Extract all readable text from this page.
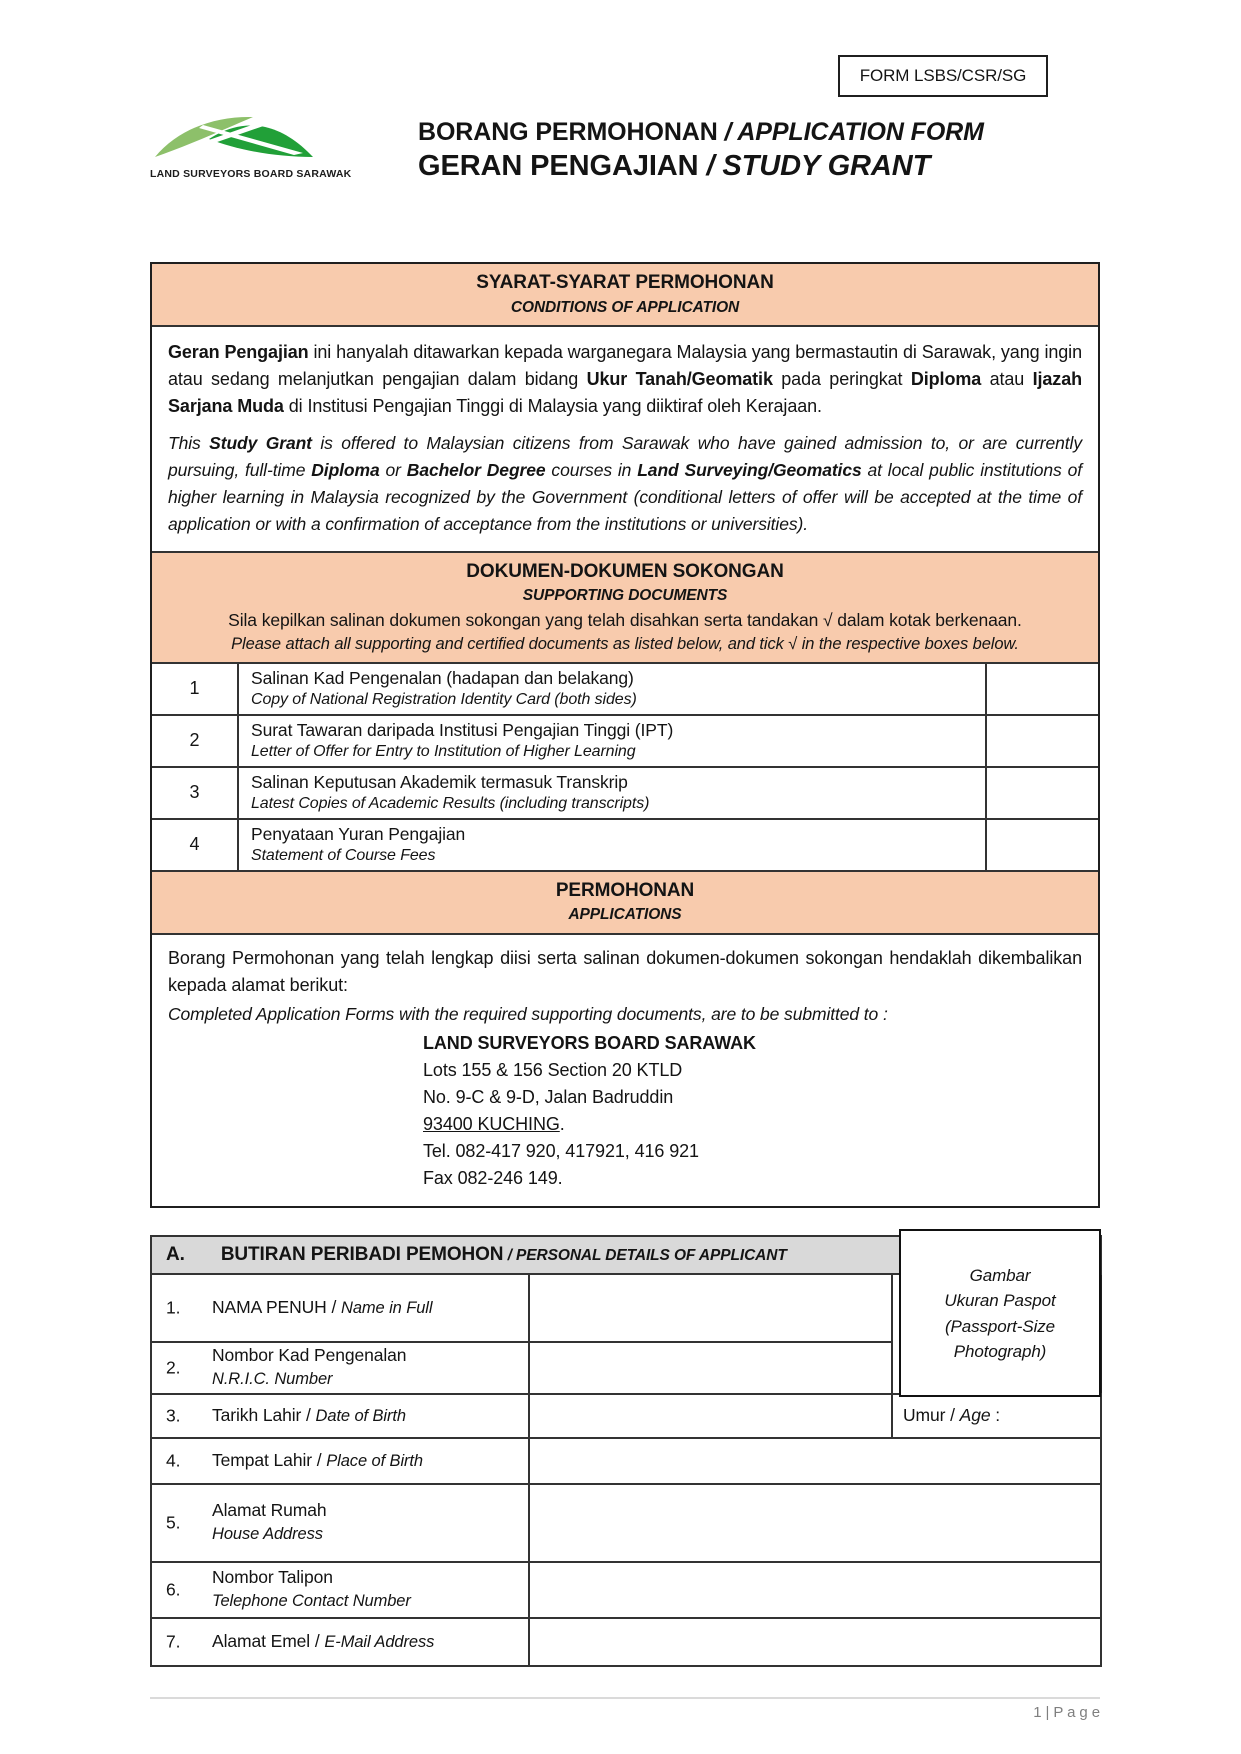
FORM LSBS/CSR/SG
LAND SURVEYORS BOARD SARAWAK
BORANG PERMOHONAN / APPLICATION FORM
GERAN PENGAJIAN / STUDY GRANT
SYARAT-SYARAT PERMOHONAN
CONDITIONS OF APPLICATION

Geran Pengajian ini hanyalah ditawarkan kepada warganegara Malaysia yang bermastautin di Sarawak, yang ingin atau sedang melanjutkan pengajian dalam bidang Ukur Tanah/Geomatik pada peringkat Diploma atau Ijazah Sarjana Muda di Institusi Pengajian Tinggi di Malaysia yang diiktiraf oleh Kerajaan.

This Study Grant is offered to Malaysian citizens from Sarawak who have gained admission to, or are currently pursuing, full-time Diploma or Bachelor Degree courses in Land Surveying/Geomatics at local public institutions of higher learning in Malaysia recognized by the Government (conditional letters of offer will be accepted at the time of application or with a confirmation of acceptance from the institutions or universities).

DOKUMEN-DOKUMEN SOKONGAN
SUPPORTING DOCUMENTS
Sila kepilkan salinan dokumen sokongan yang telah disahkan serta tandakan √ dalam kotak berkenaan.
Please attach all supporting and certified documents as listed below, and tick √ in the respective boxes below.
1	Salinan Kad Pengenalan (hadapan dan belakang)
Copy of National Registration Identity Card (both sides)	

2	Surat Tawaran daripada Institusi Pengajian Tinggi (IPT)
Letter of Offer for Entry to Institution of Higher Learning	

3	Salinan Keputusan Akademik termasuk Transkrip
Latest Copies of Academic Results (including transcripts)	

4	Penyataan Yuran Pengajian
Statement of Course Fees	

PERMOHONAN
APPLICATIONS

Borang Permohonan yang telah lengkap diisi serta salinan dokumen-dokumen sokongan hendaklah dikembalikan kepada alamat berikut:

Completed Application Forms with the required supporting documents, are to be submitted to :

LAND SURVEYORS BOARD SARAWAK
Lots 155 & 156 Section 20 KTLD
No. 9-C & 9-D, Jalan Badruddin
93400 KUCHING.
Tel. 082-417 920, 417921, 416 921
Fax 082-246 149.
A. BUTIRAN PERIBADI PEMOHON / PERSONAL DETAILS OF APPLICANT		

1. NAMA PENUH / Name in Full		

2.
Nombor Kad Pengenalan
N.R.I.C. Number		

3. Tarikh Lahir / Date of Birth		Umur / Age :

4. Tempat Lahir / Place of Birth		

5.
Alamat Rumah
House Address		

6.
Nombor Talipon
Telephone Contact Number		

7. Alamat Emel / E-Mail Address		
Gambar
Ukuran Paspot
(Passport-Size
Photograph)
1 | P a g e
